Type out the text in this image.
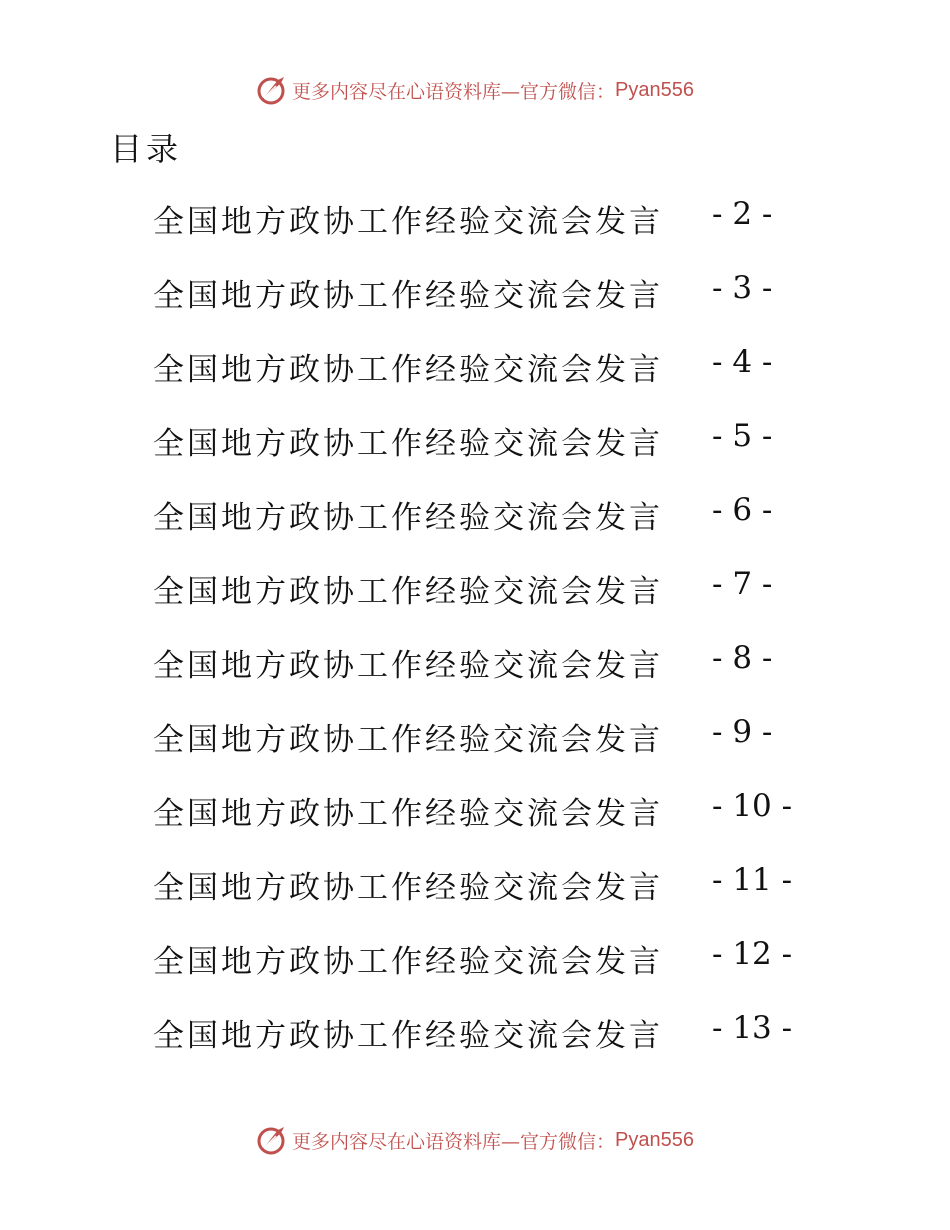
更多内容尽在心语资料库—官方微信： Pyan556
目录
全国地方政协工作经验交流会发言 - 2 -
全国地方政协工作经验交流会发言 - 3 -
全国地方政协工作经验交流会发言 - 4 -
全国地方政协工作经验交流会发言 - 5 -
全国地方政协工作经验交流会发言 - 6 -
全国地方政协工作经验交流会发言 - 7 -
全国地方政协工作经验交流会发言 - 8 -
全国地方政协工作经验交流会发言 - 9 -
全国地方政协工作经验交流会发言 - 10 -
全国地方政协工作经验交流会发言 - 11 -
全国地方政协工作经验交流会发言 - 12 -
全国地方政协工作经验交流会发言 - 13 -
更多内容尽在心语资料库—官方微信： Pyan556
